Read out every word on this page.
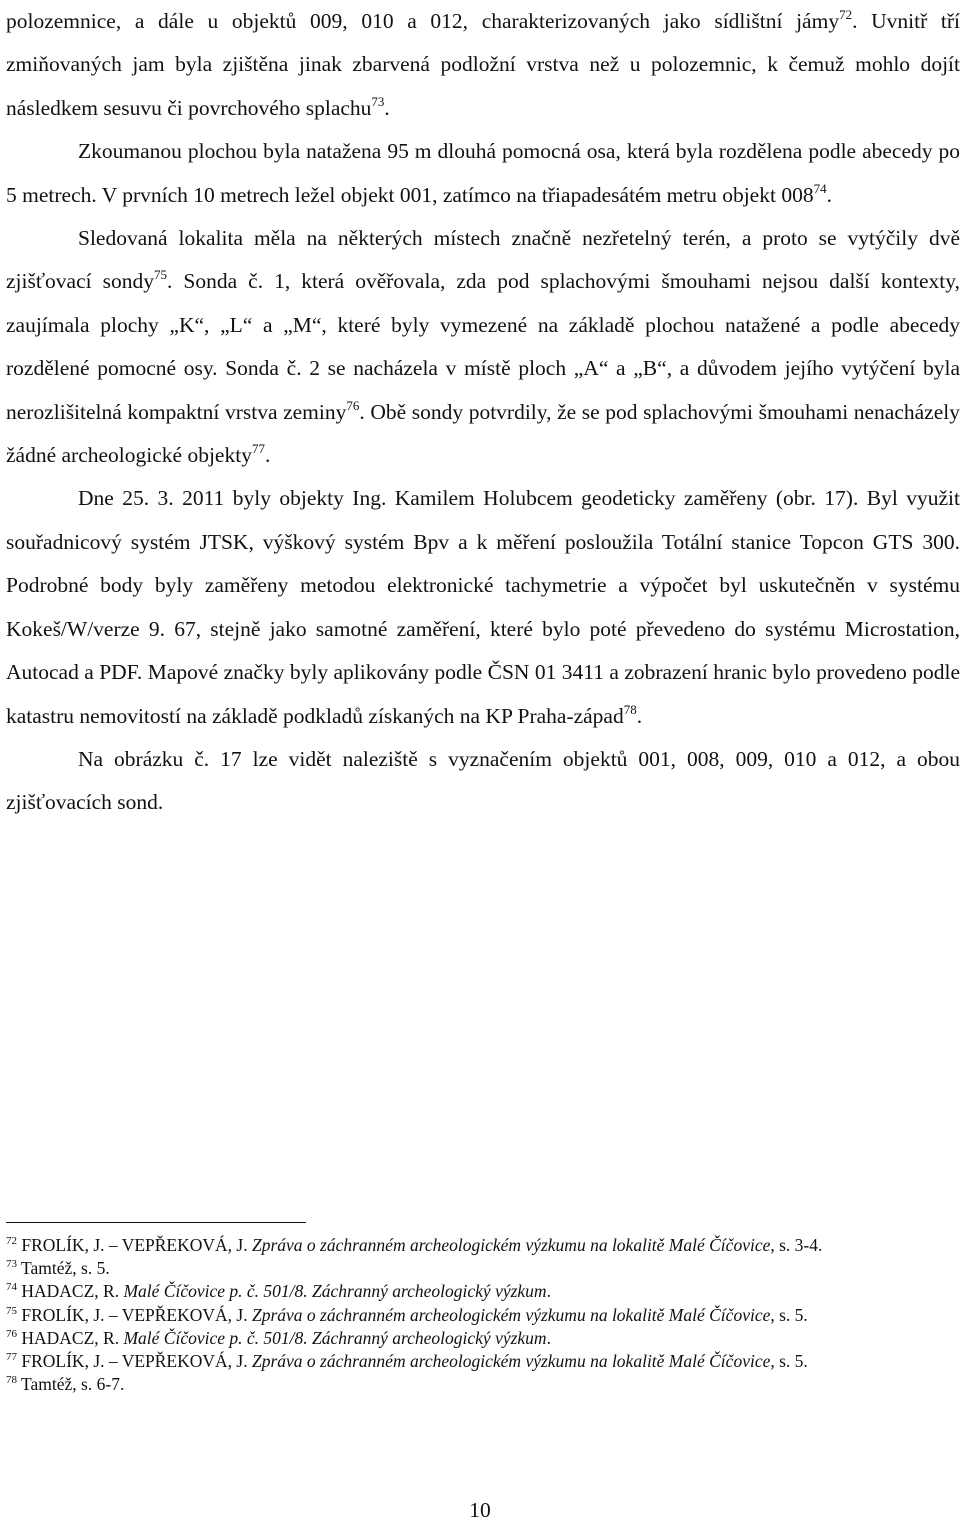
polozemnice, a dále u objektů 009, 010 a 012, charakterizovaných jako sídlištní jámy$^{72}$. Uvnitř tří zmiňovaných jam byla zjištěna jinak zbarvená podložní vrstva než u polozemnic, k čemuž mohlo dojít následkem sesuvu či povrchového splachu$^{73}$.

Zkoumanou plochou byla natažena 95 m dlouhá pomocná osa, která byla rozdělena podle abecedy po 5 metrech. V prvních 10 metrech ležel objekt 001, zatímco na třiapadesátém metru objekt $008^{74}$.

Sledovaná lokalita měla na některých místech značně nezřetelný terén, a proto se vytýčily dvě zjišťovací sondy$^{75}$. Sonda č. 1, která ověřovala, zda pod splachovými šmouhami nejsou další kontexty, zaujímala plochy „K“, „L“ a „M“, které byly vymezené na základě plochou natažené a podle abecedy rozdělené pomocné osy. Sonda č. 2 se nacházela v místě ploch „A“ a „B“, a důvodem jejího vytýčení byla nerozlišitelná kompaktní vrstva zeminy$^{76}$. Obě sondy potvrdily, že se pod splachovými šmouhami nenacházely žádné archeologické objekty$^{77}$.

Dne 25. 3. 2011 byly objekty Ing. Kamilem Holubcem geodeticky zaměřeny (obr. 17). Byl využit souřadnicový systém JTSK, výškový systém Bpv a k měření posloužila Totální stanice Topcon GTS 300. Podrobné body byly zaměřeny metodou elektronické tachymetrie a výpočet byl uskutečněn v systému Kokeš/W/verze 9. 67, stejně jako samotné zaměření, které bylo poté převedeno do systému Microstation, Autocad a PDF. Mapové značky byly aplikovány podle ČSN 01 3411 a zobrazení hranic bylo provedeno podle katastru nemovitostí na základě podkladů získaných na KP Praha-západ$^{78}$.

Na obrázku č. 17 lze vidět naleziště s vyznačením objektů 001, 008, 009, 010 a 012, a obou zjišťovacích sond.

$^{72}$ FROLÍK, J. – VEPŘEKOVÁ, J. Zpráva o záchranném archeologickém výzkumu na lokalitě Malé Číčovice, s. 3-4.

$^{73}$ Tamtéž, s. 5.

$^{74}$ HADACZ, R. Malé Číčovice p. č. 501/8. Záchranný archeologický výzkum.

$^{75}$ FROLÍK, J. – VEPŘEKOVÁ, J. Zpráva o záchranném archeologickém výzkumu na lokalitě Malé Číčovice, s. 5.

$^{76}$ HADACZ, R. Malé Číčovice p. č. 501/8. Záchranný archeologický výzkum.

$^{77}$ FROLÍK, J. – VEPŘEKOVÁ, J. Zpráva o záchranném archeologickém výzkumu na lokalitě Malé Číčovice, s. 5.

$^{78}$ Tamtéž, s. 6-7.

10
